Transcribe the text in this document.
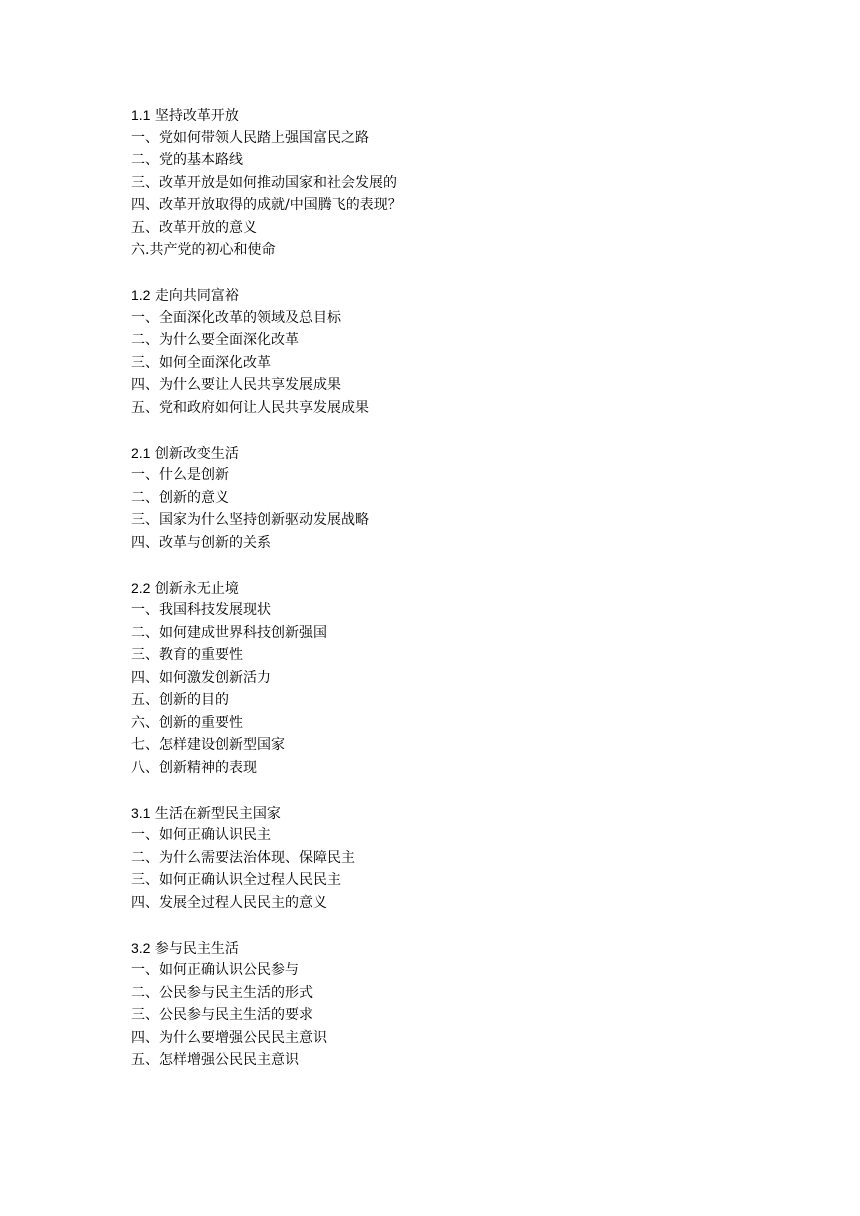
1.1 坚持改革开放
一、党如何带领人民踏上强国富民之路
二、党的基本路线
三、改革开放是如何推动国家和社会发展的
四、改革开放取得的成就/中国腾飞的表现？
五、改革开放的意义
六.共产党的初心和使命
1.2 走向共同富裕
一、全面深化改革的领域及总目标
二、为什么要全面深化改革
三、如何全面深化改革
四、为什么要让人民共享发展成果
五、党和政府如何让人民共享发展成果
2.1 创新改变生活
一、什么是创新
二、创新的意义
三、国家为什么坚持创新驱动发展战略
四、改革与创新的关系
2.2 创新永无止境
一、我国科技发展现状
二、如何建成世界科技创新强国
三、教育的重要性
四、如何激发创新活力
五、创新的目的
六、创新的重要性
七、怎样建设创新型国家
八、创新精神的表现
3.1 生活在新型民主国家
一、如何正确认识民主
二、为什么需要法治体现、保障民主
三、如何正确认识全过程人民民主
四、发展全过程人民民主的意义
3.2 参与民主生活
一、如何正确认识公民参与
二、公民参与民主生活的形式
三、公民参与民主生活的要求
四、为什么要增强公民民主意识
五、怎样增强公民民主意识
